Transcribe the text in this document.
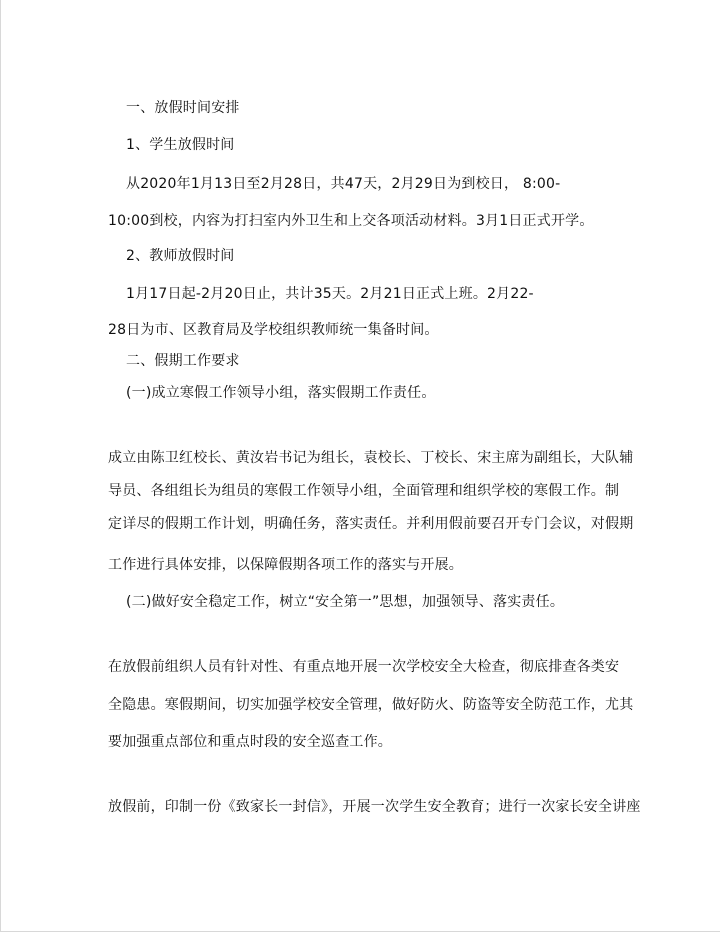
一、放假时间安排
1、学生放假时间
从2020年1月13日至2月28日，共47天，2月29日为到校日， 8:00-
10:00到校，内容为打扫室内外卫生和上交各项活动材料。3月1日正式开学。
2、教师放假时间
1月17日起-2月20日止，共计35天。2月21日正式上班。2月22-
28日为市、区教育局及学校组织教师统一集备时间。
二、假期工作要求
(一)成立寒假工作领导小组，落实假期工作责任。
成立由陈卫红校长、黄汝岩书记为组长，袁校长、丁校长、宋主席为副组长，大队辅
导员、各组组长为组员的寒假工作领导小组，全面管理和组织学校的寒假工作。制
定详尽的假期工作计划，明确任务，落实责任。并利用假前要召开专门会议，对假期
工作进行具体安排，以保障假期各项工作的落实与开展。
(二)做好安全稳定工作，树立“安全第一”思想，加强领导、落实责任。
在放假前组织人员有针对性、有重点地开展一次学校安全大检查，彻底排查各类安
全隐患。寒假期间，切实加强学校安全管理，做好防火、防盗等安全防范工作，尤其
要加强重点部位和重点时段的安全巡查工作。
放假前，印制一份《致家长一封信》，开展一次学生安全教育；进行一次家长安全讲座
